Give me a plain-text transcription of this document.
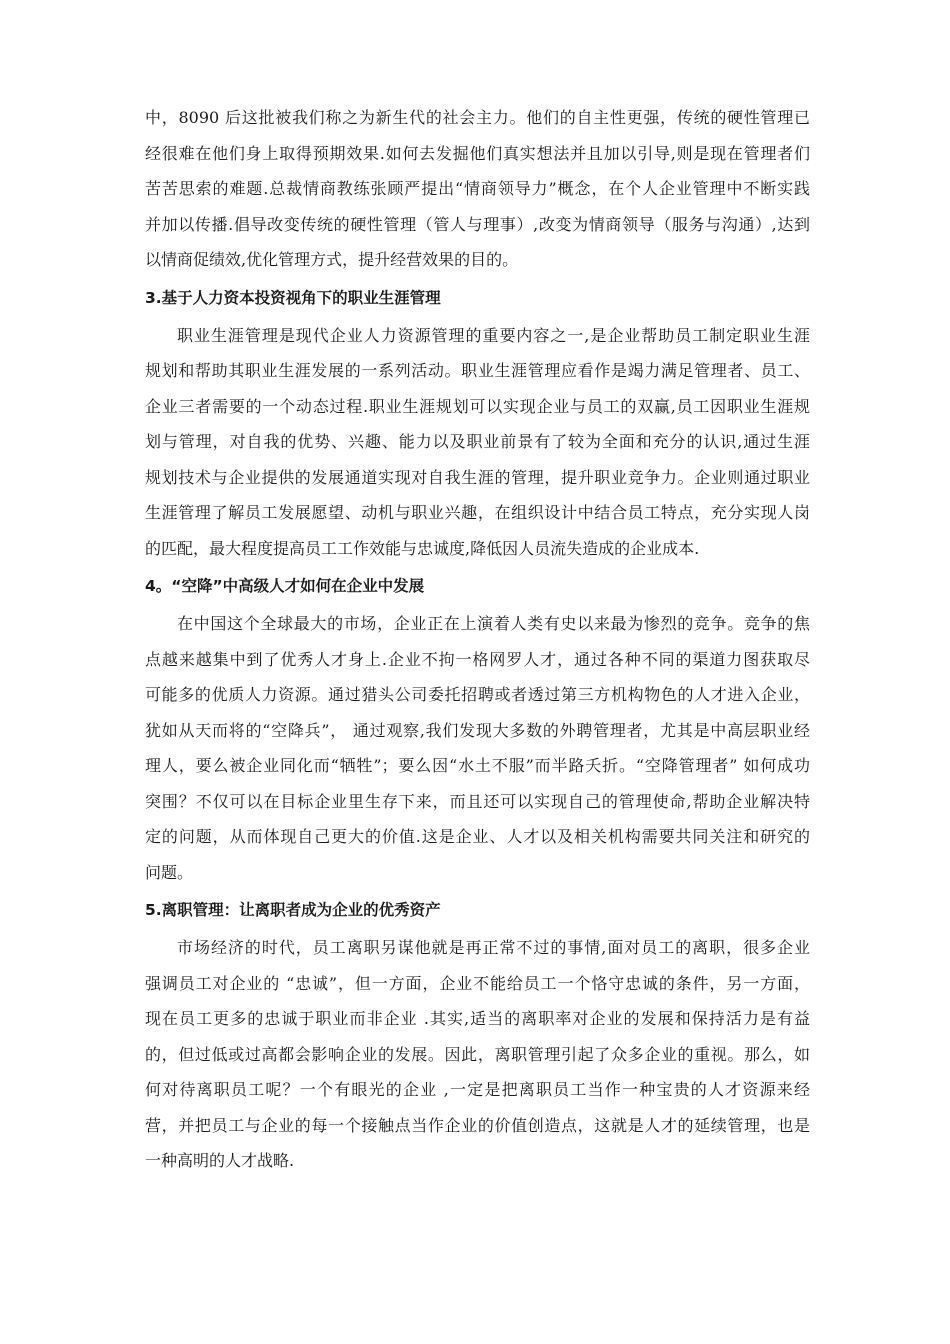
中，8090 后这批被我们称之为新生代的社会主力。他们的自主性更强，传统的硬性管理已
经很难在他们身上取得预期效果.如何去发掘他们真实想法并且加以引导,则是现在管理者们
苦苦思索的难题.总裁情商教练张顾严提出“情商领导力”概念，在个人企业管理中不断实践
并加以传播.倡导改变传统的硬性管理（管人与理事）,改变为情商领导（服务与沟通）,达到
以情商促绩效,优化管理方式，提升经营效果的目的。
3.基于人力资本投资视角下的职业生涯管理
职业生涯管理是现代企业人力资源管理的重要内容之一,是企业帮助员工制定职业生涯
规划和帮助其职业生涯发展的一系列活动。职业生涯管理应看作是竭力满足管理者、员工、
企业三者需要的一个动态过程.职业生涯规划可以实现企业与员工的双赢,员工因职业生涯规
划与管理，对自我的优势、兴趣、能力以及职业前景有了较为全面和充分的认识,通过生涯
规划技术与企业提供的发展通道实现对自我生涯的管理，提升职业竞争力。企业则通过职业
生涯管理了解员工发展愿望、动机与职业兴趣，在组织设计中结合员工特点，充分实现人岗
的匹配，最大程度提高员工工作效能与忠诚度,降低因人员流失造成的企业成本.
4。“空降”中高级人才如何在企业中发展
在中国这个全球最大的市场，企业正在上演着人类有史以来最为惨烈的竞争。竞争的焦
点越来越集中到了优秀人才身上.企业不拘一格网罗人才，通过各种不同的渠道力图获取尽
可能多的优质人力资源。通过猎头公司委托招聘或者透过第三方机构物色的人才进入企业，
犹如从天而将的“空降兵”， 通过观察,我们发现大多数的外聘管理者，尤其是中高层职业经
理人，要么被企业同化而“牺牲”；要么因“水土不服”而半路夭折。“空降管理者” 如何成功
突围？不仅可以在目标企业里生存下来，而且还可以实现自己的管理使命,帮助企业解决特
定的问题，从而体现自己更大的价值.这是企业、人才以及相关机构需要共同关注和研究的
问题。
5.离职管理：让离职者成为企业的优秀资产
市场经济的时代，员工离职另谋他就是再正常不过的事情,面对员工的离职，很多企业
强调员工对企业的 “忠诚”，但一方面，企业不能给员工一个恪守忠诚的条件，另一方面，
现在员工更多的忠诚于职业而非企业 .其实,适当的离职率对企业的发展和保持活力是有益
的，但过低或过高都会影响企业的发展。因此，离职管理引起了众多企业的重视。那么，如
何对待离职员工呢？一个有眼光的企业 ,一定是把离职员工当作一种宝贵的人才资源来经
营，并把员工与企业的每一个接触点当作企业的价值创造点，这就是人才的延续管理，也是
一种高明的人才战略.
